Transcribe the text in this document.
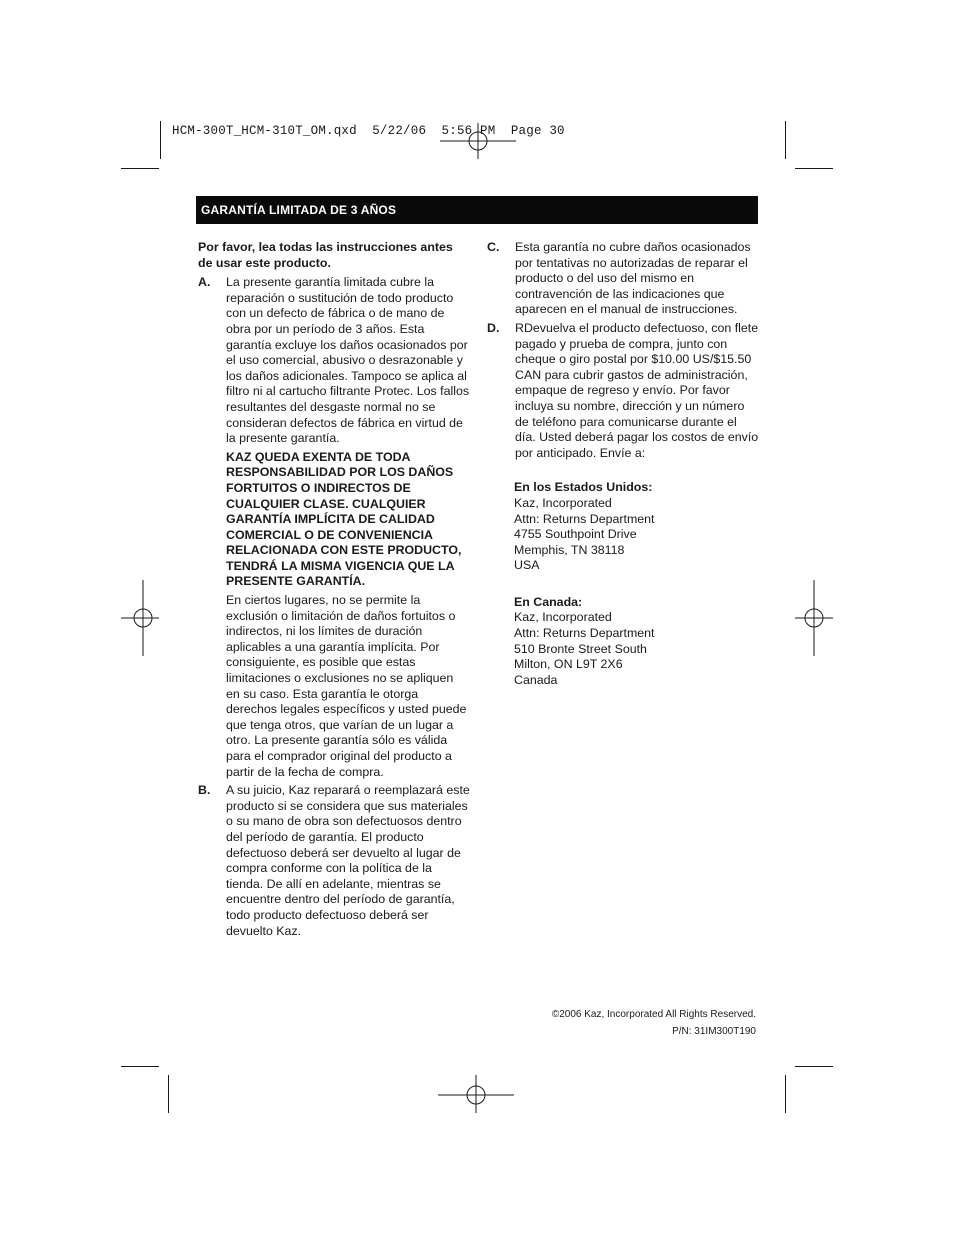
HCM-300T_HCM-310T_OM.qxd  5/22/06  5:56 PM  Page 30
GARANTÍA LIMITADA DE 3 AÑOS

Por favor, lea todas las instrucciones antes de usar este producto.

A. La presente garantía limitada cubre la reparación o sustitución de todo producto con un defecto de fábrica o de mano de obra por un período de 3 años. Esta garantía excluye los daños ocasionados por el uso comercial, abusivo o desrazonable y los daños adicionales. Tampoco se aplica al filtro ni al cartucho filtrante Protec. Los fallos resultantes del desgaste normal no se consideran defectos de fábrica en virtud de la presente garantía.

KAZ QUEDA EXENTA DE TODA RESPONSABILIDAD POR LOS DAÑOS FORTUITOS O INDIRECTOS DE CUALQUIER CLASE. CUALQUIER GARANTÍA IMPLÍCITA DE CALIDAD COMERCIAL O DE CONVENIENCIA RELACIONADA CON ESTE PRODUCTO, TENDRÁ LA MISMA VIGENCIA QUE LA PRESENTE GARANTÍA.

En ciertos lugares, no se permite la exclusión o limitación de daños fortuitos o indirectos, ni los límites de duración aplicables a una garantía implícita. Por consiguiente, es posible que estas limitaciones o exclusiones no se apliquen en su caso. Esta garantía le otorga derechos legales específicos y usted puede que tenga otros, que varían de un lugar a otro. La presente garantía sólo es válida para el comprador original del producto a partir de la fecha de compra.

B. A su juicio, Kaz reparará o reemplazará este producto si se considera que sus materiales o su mano de obra son defectuosos dentro del período de garantía. El producto defectuoso deberá ser devuelto al lugar de compra conforme con la política de la tienda. De allí en adelante, mientras se encuentre dentro del período de garantía, todo producto defectuoso deberá ser devuelto Kaz.

C. Esta garantía no cubre daños ocasionados por tentativas no autorizadas de reparar el producto o del uso del mismo en contravención de las indicaciones que aparecen en el manual de instrucciones.

D. RDevuelva el producto defectuoso, con flete pagado y prueba de compra, junto con cheque o giro postal por $10.00 US/$15.50 CAN para cubrir gastos de administración, empaque de regreso y envío. Por favor incluya su nombre, dirección y un número de teléfono para comunicarse durante el día. Usted deberá pagar los costos de envío por anticipado. Envíe a:

En los Estados Unidos:

Kaz, Incorporated

Attn: Returns Department

4755 Southpoint Drive

Memphis, TN 38118

USA

En Canada:

Kaz, Incorporated

Attn: Returns Department

510 Bronte Street South

Milton, ON L9T 2X6

Canada

©2006 Kaz, Incorporated All Rights Reserved.
P/N: 31IM300T190
